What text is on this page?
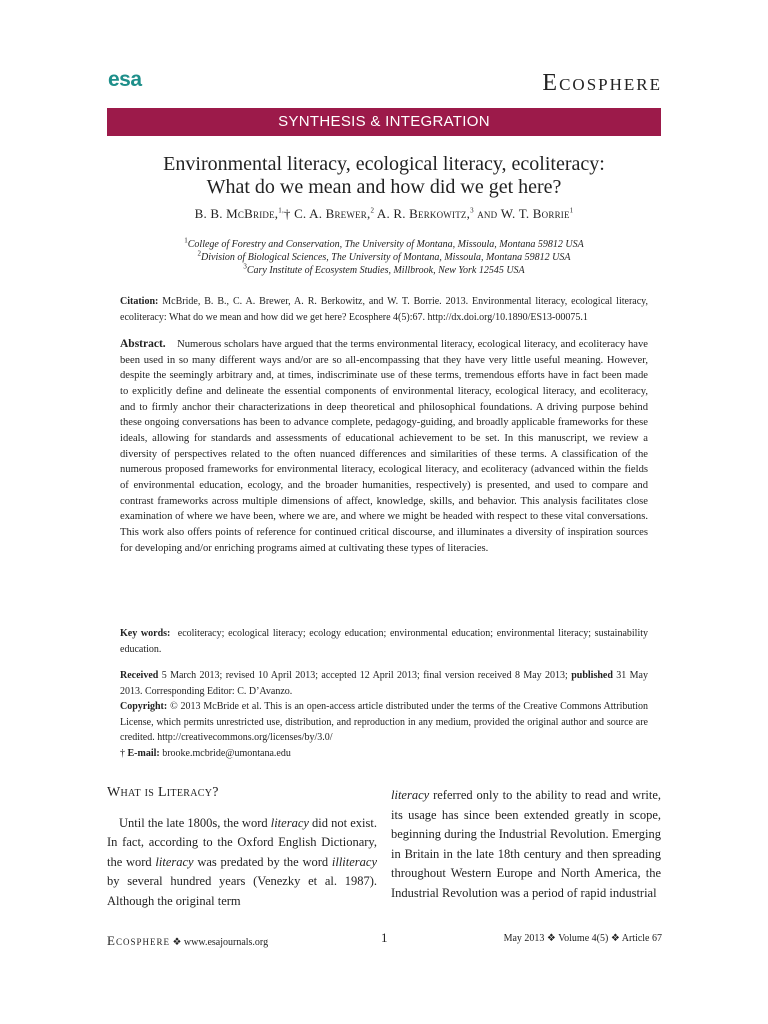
esa	Ecosphere
SYNTHESIS & INTEGRATION
Environmental literacy, ecological literacy, ecoliteracy:
What do we mean and how did we get here?
B. B. McBride,$^{1,}$† C. A. Brewer,$^2$ A. R. Berkowitz,$^3$ and W. T. Borrie$^1$
$^1$College of Forestry and Conservation, The University of Montana, Missoula, Montana 59812 USA
$^2$Division of Biological Sciences, The University of Montana, Missoula, Montana 59812 USA
$^3$Cary Institute of Ecosystem Studies, Millbrook, New York 12545 USA
Citation: McBride, B. B., C. A. Brewer, A. R. Berkowitz, and W. T. Borrie. 2013. Environmental literacy, ecological literacy, ecoliteracy: What do we mean and how did we get here? Ecosphere 4(5):67. http://dx.doi.org/10.1890/ES13-00075.1
Abstract. Numerous scholars have argued that the terms environmental literacy, ecological literacy, and ecoliteracy have been used in so many different ways and/or are so all-encompassing that they have very little useful meaning. However, despite the seemingly arbitrary and, at times, indiscriminate use of these terms, tremendous efforts have in fact been made to explicitly define and delineate the essential components of environmental literacy, ecological literacy, and ecoliteracy, and to firmly anchor their characterizations in deep theoretical and philosophical foundations. A driving purpose behind these ongoing conversations has been to advance complete, pedagogy-guiding, and broadly applicable frameworks for these ideals, allowing for standards and assessments of educational achievement to be set. In this manuscript, we review a diversity of perspectives related to the often nuanced differences and similarities of these terms. A classification of the numerous proposed frameworks for environmental literacy, ecological literacy, and ecoliteracy (advanced within the fields of environmental education, ecology, and the broader humanities, respectively) is presented, and used to compare and contrast frameworks across multiple dimensions of affect, knowledge, skills, and behavior. This analysis facilitates close examination of where we have been, where we are, and where we might be headed with respect to these vital conversations. This work also offers points of reference for continued critical discourse, and illuminates a diversity of inspiration sources for developing and/or enriching programs aimed at cultivating these types of literacies.
Key words: ecoliteracy; ecological literacy; ecology education; environmental education; environmental literacy; sustainability education.
Received 5 March 2013; revised 10 April 2013; accepted 12 April 2013; final version received 8 May 2013; published 31 May 2013. Corresponding Editor: C. D’Avanzo.
Copyright: © 2013 McBride et al. This is an open-access article distributed under the terms of the Creative Commons Attribution License, which permits unrestricted use, distribution, and reproduction in any medium, provided the original author and source are credited. http://creativecommons.org/licenses/by/3.0/
† E-mail: brooke.mcbride@umontana.edu
What is Literacy?
Until the late 1800s, the word literacy did not exist. In fact, according to the Oxford English Dictionary, the word literacy was predated by the word illiteracy by several hundred years (Venezky et al. 1987). Although the original term
literacy referred only to the ability to read and write, its usage has since been extended greatly in scope, beginning during the Industrial Revolution. Emerging in Britain in the late 18th century and then spreading throughout Western Europe and North America, the Industrial Revolution was a period of rapid industrial
Ecosphere ❖ www.esajournals.org	1	May 2013 ❖ Volume 4(5) ❖ Article 67
